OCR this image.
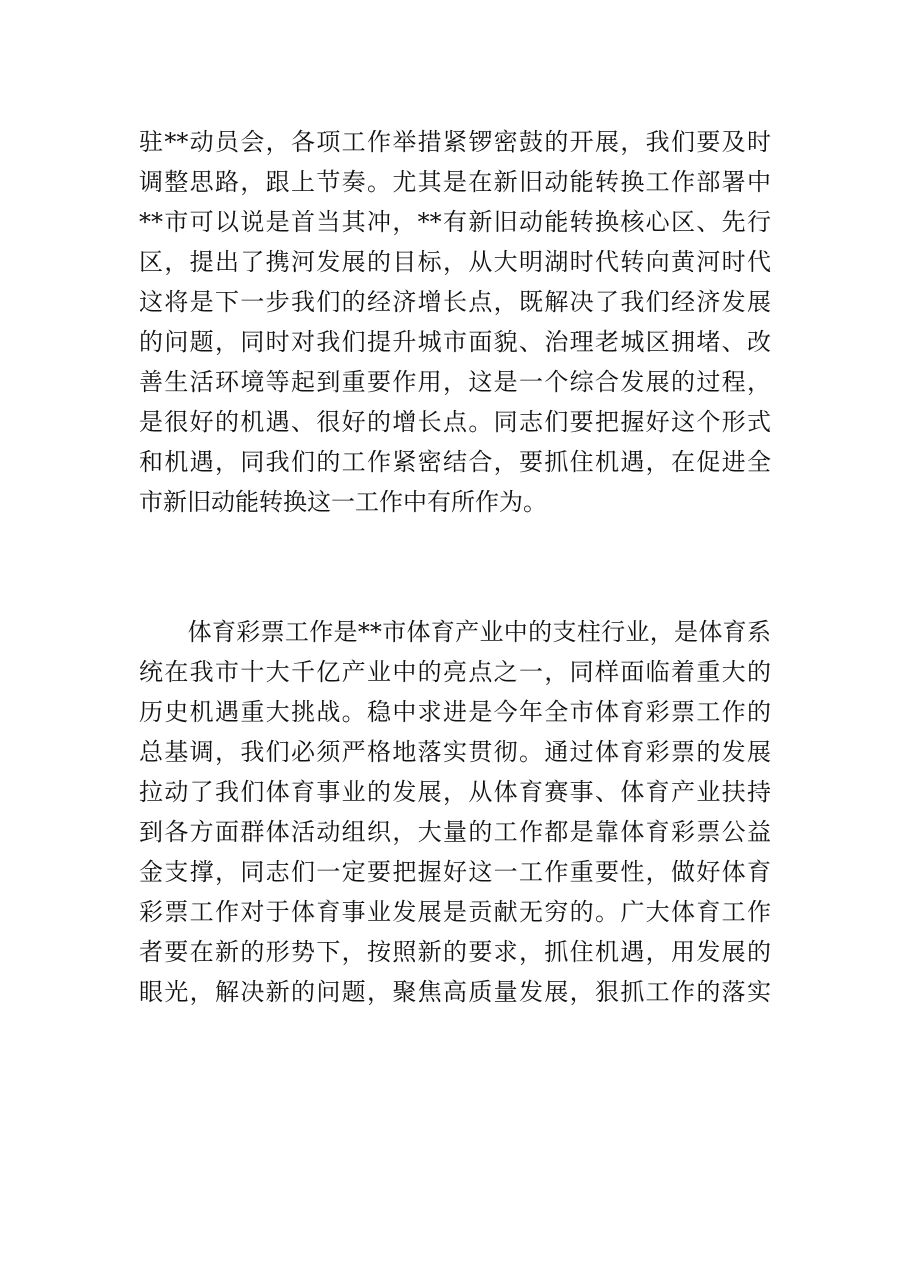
驻**动员会，各项工作举措紧锣密鼓的开展，我们要及时
调整思路，跟上节奏。尤其是在新旧动能转换工作部署中
**市可以说是首当其冲，**有新旧动能转换核心区、先行
区，提出了携河发展的目标，从大明湖时代转向黄河时代
这将是下一步我们的经济增长点，既解决了我们经济发展
的问题，同时对我们提升城市面貌、治理老城区拥堵、改
善生活环境等起到重要作用，这是一个综合发展的过程，
是很好的机遇、很好的增长点。同志们要把握好这个形式
和机遇，同我们的工作紧密结合，要抓住机遇，在促进全
市新旧动能转换这一工作中有所作为。
　　体育彩票工作是**市体育产业中的支柱行业，是体育系
统在我市十大千亿产业中的亮点之一，同样面临着重大的
历史机遇重大挑战。稳中求进是今年全市体育彩票工作的
总基调，我们必须严格地落实贯彻。通过体育彩票的发展
拉动了我们体育事业的发展，从体育赛事、体育产业扶持
到各方面群体活动组织，大量的工作都是靠体育彩票公益
金支撑，同志们一定要把握好这一工作重要性，做好体育
彩票工作对于体育事业发展是贡献无穷的。广大体育工作
者要在新的形势下，按照新的要求，抓住机遇，用发展的
眼光，解决新的问题，聚焦高质量发展，狠抓工作的落实
